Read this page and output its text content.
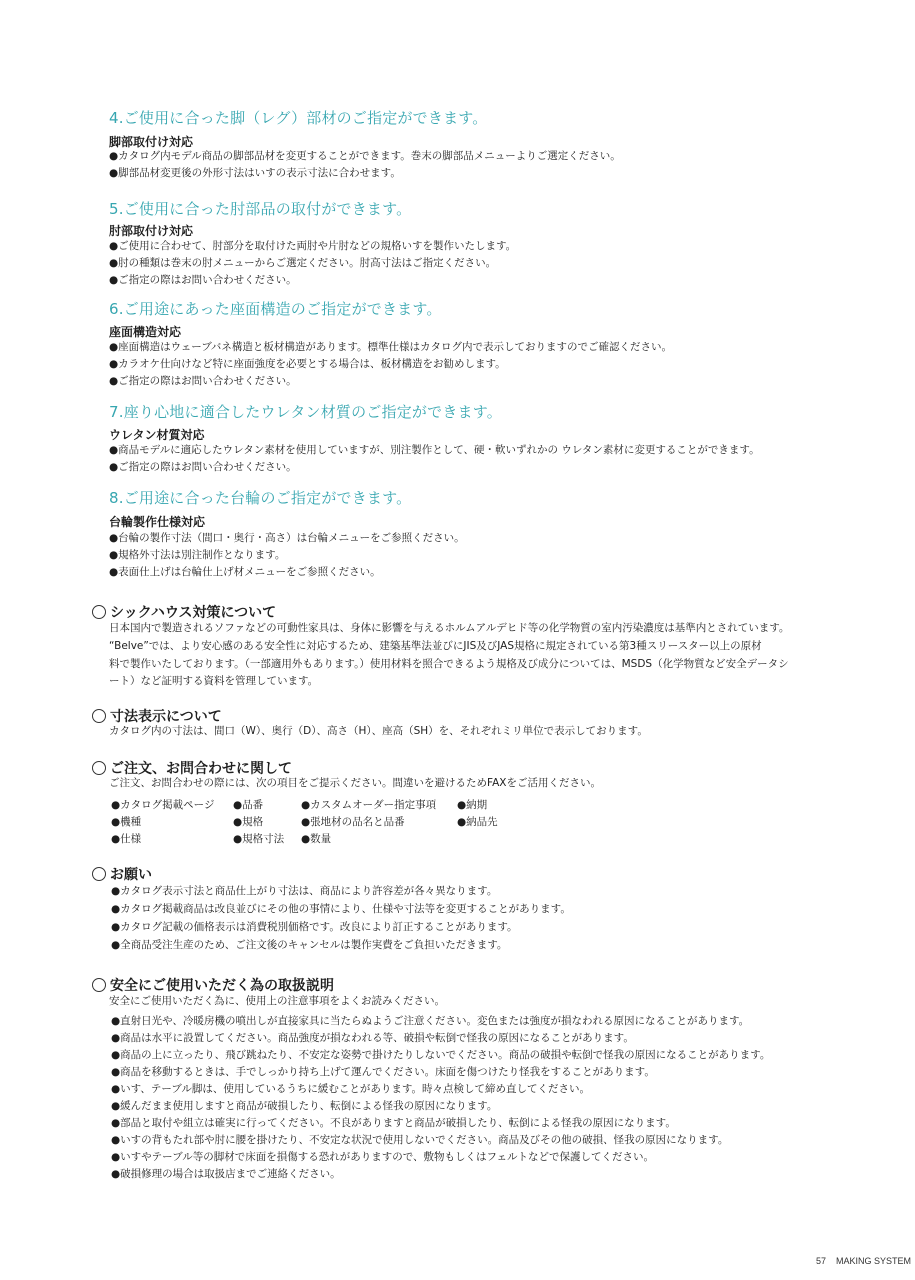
4.ご使用に合った脚（レグ）部材のご指定ができます。
脚部取付け対応
●カタログ内モデル商品の脚部品材を変更することができます。巻末の脚部品メニューよりご選定ください。
●脚部品材変更後の外形寸法はいすの表示寸法に合わせます。
5.ご使用に合った肘部品の取付ができます。
肘部取付け対応
●ご使用に合わせて、肘部分を取付けた両肘や片肘などの規格いすを製作いたします。
●肘の種類は巻末の肘メニューからご選定ください。肘高寸法はご指定ください。
●ご指定の際はお問い合わせください。
6.ご用途にあった座面構造のご指定ができます。
座面構造対応
●座面構造はウェーブバネ構造と板材構造があります。標準仕様はカタログ内で表示しておりますのでご確認ください。
●カラオケ仕向けなど特に座面強度を必要とする場合は、板材構造をお勧めします。
●ご指定の際はお問い合わせください。
7.座り心地に適合したウレタン材質のご指定ができます。
ウレタン材質対応
●商品モデルに適応したウレタン素材を使用していますが、別注製作として、硬・軟いずれかの ウレタン素材に変更することができます。
●ご指定の際はお問い合わせください。
8.ご用途に合った台輪のご指定ができます。
台輪製作仕様対応
●台輪の製作寸法（間口・奥行・高さ）は台輪メニューをご参照ください。
●規格外寸法は別注制作となります。
●表面仕上げは台輪仕上げ材メニューをご参照ください。
シックハウス対策について
日本国内で製造されるソファなどの可動性家具は、身体に影響を与えるホルムアルデヒド等の化学物質の室内汚染濃度は基準内とされています。
“Belve”では、より安心感のある安全性に対応するため、建築基準法並びにJIS及びJAS規格に規定されている第3種スリースター以上の原材
料で製作いたしております。（一部適用外もあります。）使用材料を照合できるよう規格及び成分については、MSDS（化学物質など安全データシ
ート）など証明する資料を管理しています。
寸法表示について
カタログ内の寸法は、間口（W）、奥行（D）、高さ（H）、座高（SH）を、それぞれミリ単位で表示しております。
ご注文、お問合わせに関して
ご注文、お問合わせの際には、次の項目をご提示ください。間違いを避けるためFAXをご活用ください。
●カタログ掲載ページ
●機種
●仕様
●品番
●規格
●規格寸法
●カスタムオーダー指定事項
●張地材の品名と品番
●数量
●納期
●納品先
お願い
●カタログ表示寸法と商品仕上がり寸法は、商品により許容差が各々異なります。
●カタログ掲載商品は改良並びにその他の事情により、仕様や寸法等を変更することがあります。
●カタログ記載の価格表示は消費税別価格です。改良により訂正することがあります。
●全商品受注生産のため、ご注文後のキャンセルは製作実費をご負担いただきます。
安全にご使用いただく為の取扱説明
安全にご使用いただく為に、使用上の注意事項をよくお読みください。
●直射日光や、冷暖房機の噴出しが直接家具に当たらぬようご注意ください。変色または強度が損なわれる原因になることがあります。
●商品は水平に設置してください。商品強度が損なわれる等、破損や転倒で怪我の原因になることがあります。
●商品の上に立ったり、飛び跳ねたり、不安定な姿勢で掛けたりしないでください。商品の破損や転倒で怪我の原因になることがあります。
●商品を移動するときは、手でしっかり持ち上げて運んでください。床面を傷つけたり怪我をすることがあります。
●いす、テーブル脚は、使用しているうちに緩むことがあります。時々点検して締め直してください。
●緩んだまま使用しますと商品が破損したり、転倒による怪我の原因になります。
●部品と取付や組立は確実に行ってください。不良がありますと商品が破損したり、転倒による怪我の原因になります。
●いすの背もたれ部や肘に腰を掛けたり、不安定な状況で使用しないでください。商品及びその他の破損、怪我の原因になります。
●いすやテーブル等の脚材で床面を損傷する恐れがありますので、敷物もしくはフェルトなどで保護してください。
●破損修理の場合は取扱店までご連絡ください。
57 MAKING SYSTEM
